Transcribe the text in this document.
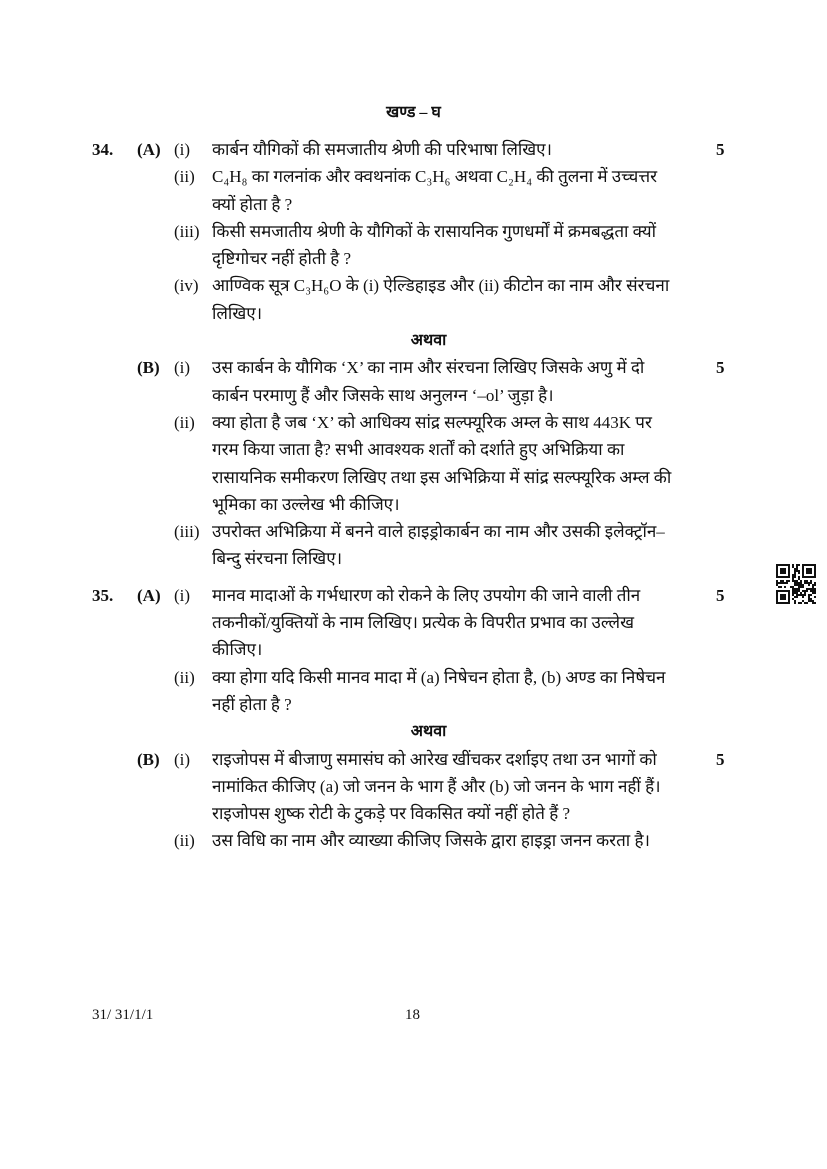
खण्ड – घ
34. (A) (i)	5
कार्बन यौगिकों की समजातीय श्रेणी की परिभाषा लिखिए।
(ii) C₄H₈ का गलनांक और क्वथनांक C₃H₆ अथवा C₂H₄ की तुलना में उच्चत्तर
क्यों होता है ?
(iii) किसी समजातीय श्रेणी के यौगिकों के रासायनिक गुणधर्मों में क्रमबद्धता क्यों
दृष्टिगोचर नहीं होती है ?
(iv) आण्विक सूत्र C₃H₆O के (i) ऐल्डिहाइड और (ii) कीटोन का नाम और संरचना
लिखिए।
अथवा
(B) (i)	5
उस कार्बन के यौगिक ‘X’ का नाम और संरचना लिखिए जिसके अणु में दो
कार्बन परमाणु हैं और जिसके साथ अनुलग्न ‘–ol’ जुड़ा है।
(ii) क्या होता है जब ‘X’ को आधिक्य सांद्र सल्फ्यूरिक अम्ल के साथ 443K पर
गरम किया जाता है? सभी आवश्यक शर्तों को दर्शाते हुए अभिक्रिया का
रासायनिक समीकरण लिखिए तथा इस अभिक्रिया में सांद्र सल्फ्यूरिक अम्ल की
भूमिका का उल्लेख भी कीजिए।
(iii) उपरोक्त अभिक्रिया में बनने वाले हाइड्रोकार्बन का नाम और उसकी इलेक्ट्रॉन–
बिन्दु संरचना लिखिए।
35. (A) (i)	5
मानव मादाओं के गर्भधारण को रोकने के लिए उपयोग की जाने वाली तीन
तकनीकों/युक्तियों के नाम लिखिए। प्रत्येक के विपरीत प्रभाव का उल्लेख
कीजिए।
(ii) क्या होगा यदि किसी मानव मादा में (a) निषेचन होता है, (b) अण्ड का निषेचन
नहीं होता है ?
अथवा
(B) (i)	5
राइजोपस में बीजाणु समासंघ को आरेख खींचकर दर्शाइए तथा उन भागों को
नामांकित कीजिए (a) जो जनन के भाग हैं और (b) जो जनन के भाग नहीं हैं।
राइजोपस शुष्क रोटी के टुकड़े पर विकसित क्यों नहीं होते हैं ?
(ii) उस विधि का नाम और व्याख्या कीजिए जिसके द्वारा हाइड्रा जनन करता है।
31/ 31/1/1	18
